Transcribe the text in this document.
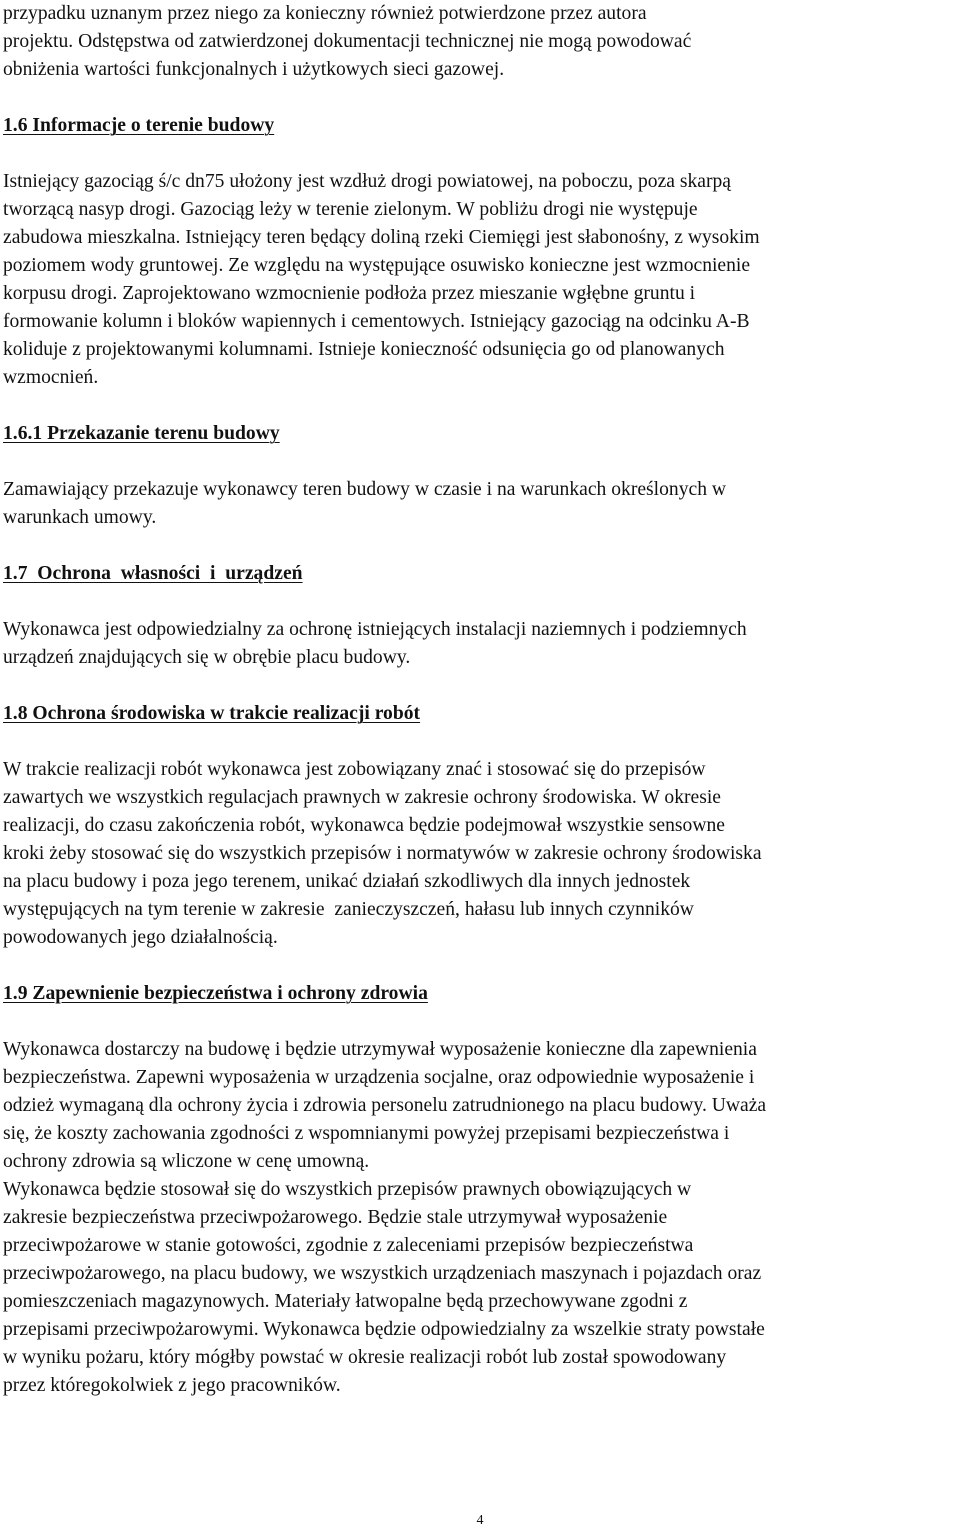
przypadku uznanym przez niego za konieczny również potwierdzone przez autora
projektu. Odstępstwa od zatwierdzonej dokumentacji technicznej nie mogą powodować
obniżenia wartości funkcjonalnych i użytkowych sieci gazowej.

1.6 Informacje o terenie budowy

Istniejący gazociąg ś/c dn75 ułożony jest wzdłuż drogi powiatowej, na poboczu, poza skarpą
tworzącą nasyp drogi. Gazociąg leży w terenie zielonym. W pobliżu drogi nie występuje
zabudowa mieszkalna. Istniejący teren będący doliną rzeki Ciemięgi jest słabonośny, z wysokim
poziomem wody gruntowej. Ze względu na występujące osuwisko konieczne jest wzmocnienie
korpusu drogi. Zaprojektowano wzmocnienie podłoża przez mieszanie wgłębne gruntu i
formowanie kolumn i bloków wapiennych i cementowych. Istniejący gazociąg na odcinku A-B
koliduje z projektowanymi kolumnami. Istnieje konieczność odsunięcia go od planowanych
wzmocnień.

1.6.1 Przekazanie terenu budowy

Zamawiający przekazuje wykonawcy teren budowy w czasie i na warunkach określonych w
warunkach umowy.

1.7  Ochrona  własności  i  urządzeń

Wykonawca jest odpowiedzialny za ochronę istniejących instalacji naziemnych i podziemnych
urządzeń znajdujących się w obrębie placu budowy.

1.8 Ochrona środowiska w trakcie realizacji robót

W trakcie realizacji robót wykonawca jest zobowiązany znać i stosować się do przepisów
zawartych we wszystkich regulacjach prawnych w zakresie ochrony środowiska. W okresie
realizacji, do czasu zakończenia robót, wykonawca będzie podejmował wszystkie sensowne
kroki żeby stosować się do wszystkich przepisów i normatywów w zakresie ochrony środowiska
na placu budowy i poza jego terenem, unikać działań szkodliwych dla innych jednostek
występujących na tym terenie w zakresie  zanieczyszczeń, hałasu lub innych czynników
powodowanych jego działalnością.

1.9 Zapewnienie bezpieczeństwa i ochrony zdrowia

Wykonawca dostarczy na budowę i będzie utrzymywał wyposażenie konieczne dla zapewnienia
bezpieczeństwa. Zapewni wyposażenia w urządzenia socjalne, oraz odpowiednie wyposażenie i
odzież wymaganą dla ochrony życia i zdrowia personelu zatrudnionego na placu budowy. Uważa
się, że koszty zachowania zgodności z wspomnianymi powyżej przepisami bezpieczeństwa i
ochrony zdrowia są wliczone w cenę umowną.
Wykonawca będzie stosował się do wszystkich przepisów prawnych obowiązujących w
zakresie bezpieczeństwa przeciwpożarowego. Będzie stale utrzymywał wyposażenie
przeciwpożarowe w stanie gotowości, zgodnie z zaleceniami przepisów bezpieczeństwa
przeciwpożarowego, na placu budowy, we wszystkich urządzeniach maszynach i pojazdach oraz
pomieszczeniach magazynowych. Materiały łatwopalne będą przechowywane zgodni z
przepisami przeciwpożarowymi. Wykonawca będzie odpowiedzialny za wszelkie straty powstałe
w wyniku pożaru, który mógłby powstać w okresie realizacji robót lub został spowodowany
przez któregokolwiek z jego pracowników.

4
